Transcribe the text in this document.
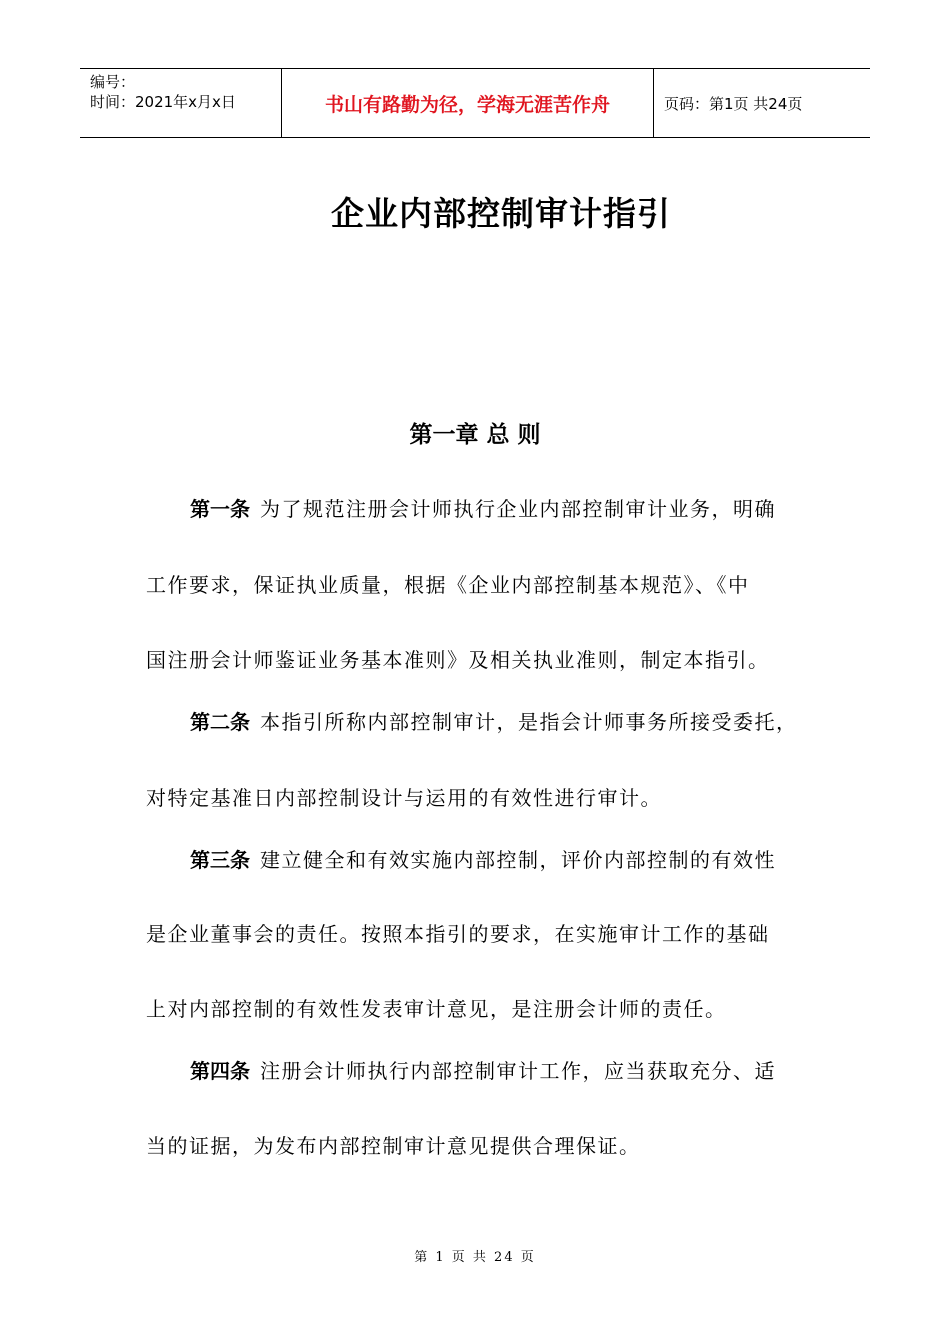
编号：
时间：2021年x月x日	书山有路勤为径，学海无涯苦作舟	页码：第1页 共24页
企业内部控制审计指引
第一章 总 则
第一条 为了规范注册会计师执行企业内部控制审计业务，明确
工作要求，保证执业质量，根据《企业内部控制基本规范》、《中
国注册会计师鉴证业务基本准则》及相关执业准则，制定本指引。
第二条 本指引所称内部控制审计，是指会计师事务所接受委托，
对特定基准日内部控制设计与运用的有效性进行审计。
第三条 建立健全和有效实施内部控制，评价内部控制的有效性
是企业董事会的责任。按照本指引的要求，在实施审计工作的基础
上对内部控制的有效性发表审计意见，是注册会计师的责任。
第四条 注册会计师执行内部控制审计工作，应当获取充分、适
当的证据，为发布内部控制审计意见提供合理保证。
第 1 页 共 24 页
